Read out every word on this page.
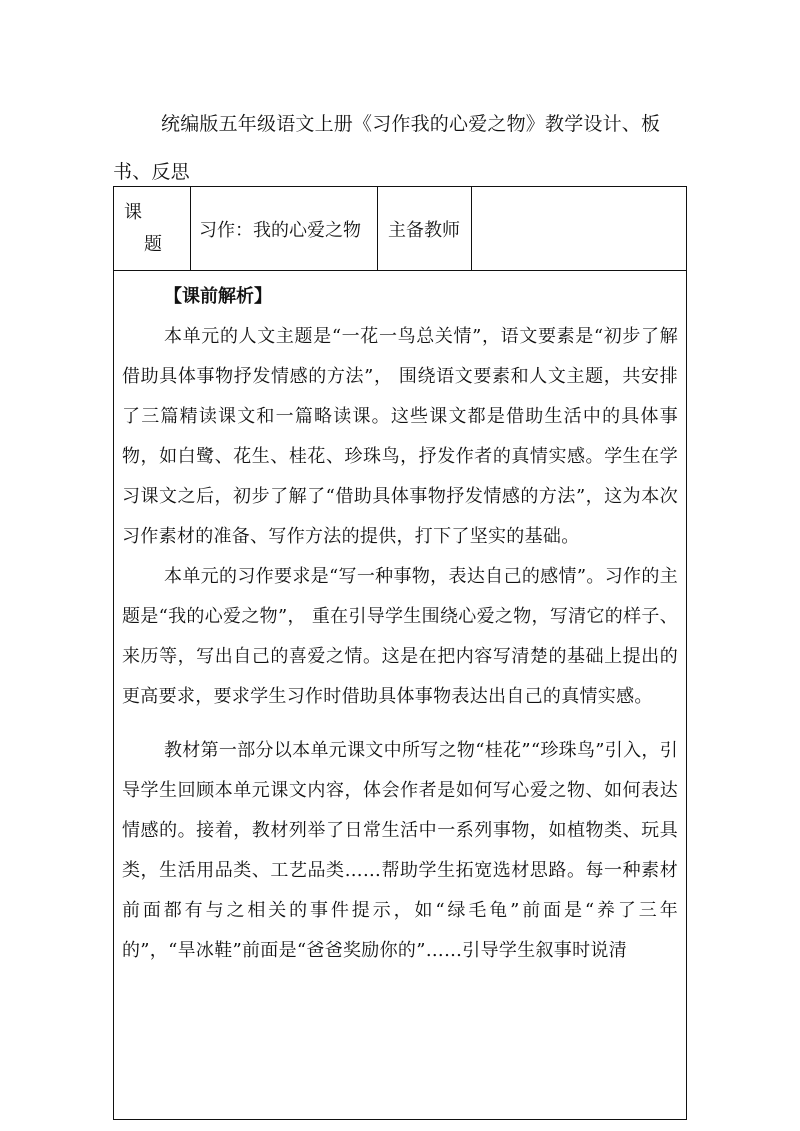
统编版五年级语文上册《习作我的心爱之物》教学设计、板书、反思
课
题
	习作：我的心爱之物	主备教师	

【课前解析】

本单元的人文主题是“一花一鸟总关情”，语文要素是“初步了解借助具体事物抒发情感的方法”， 围绕语文要素和人文主题，共安排了三篇精读课文和一篇略读课。这些课文都是借助生活中的具体事物，如白鹭、花生、桂花、珍珠鸟，抒发作者的真情实感。学生在学习课文之后，初步了解了“借助具体事物抒发情感的方法”，这为本次习作素材的准备、写作方法的提供，打下了坚实的基础。

本单元的习作要求是“写一种事物，表达自己的感情”。习作的主题是“我的心爱之物”， 重在引导学生围绕心爱之物，写清它的样子、来历等，写出自己的喜爱之情。这是在把内容写清楚的基础上提出的更高要求，要求学生习作时借助具体事物表达出自己的真情实感。

教材第一部分以本单元课文中所写之物“桂花”“珍珠鸟”引入，引导学生回顾本单元课文内容，体会作者是如何写心爱之物、如何表达情感的。接着，教材列举了日常生活中一系列事物，如植物类、玩具类，生活用品类、工艺品类……帮助学生拓宽选材思路。每一种素材前面都有与之相关的事件提示，如“绿毛龟”前面是“养了三年的”，“旱冰鞋”前面是“爸爸奖励你的”……引导学生叙事时说清
